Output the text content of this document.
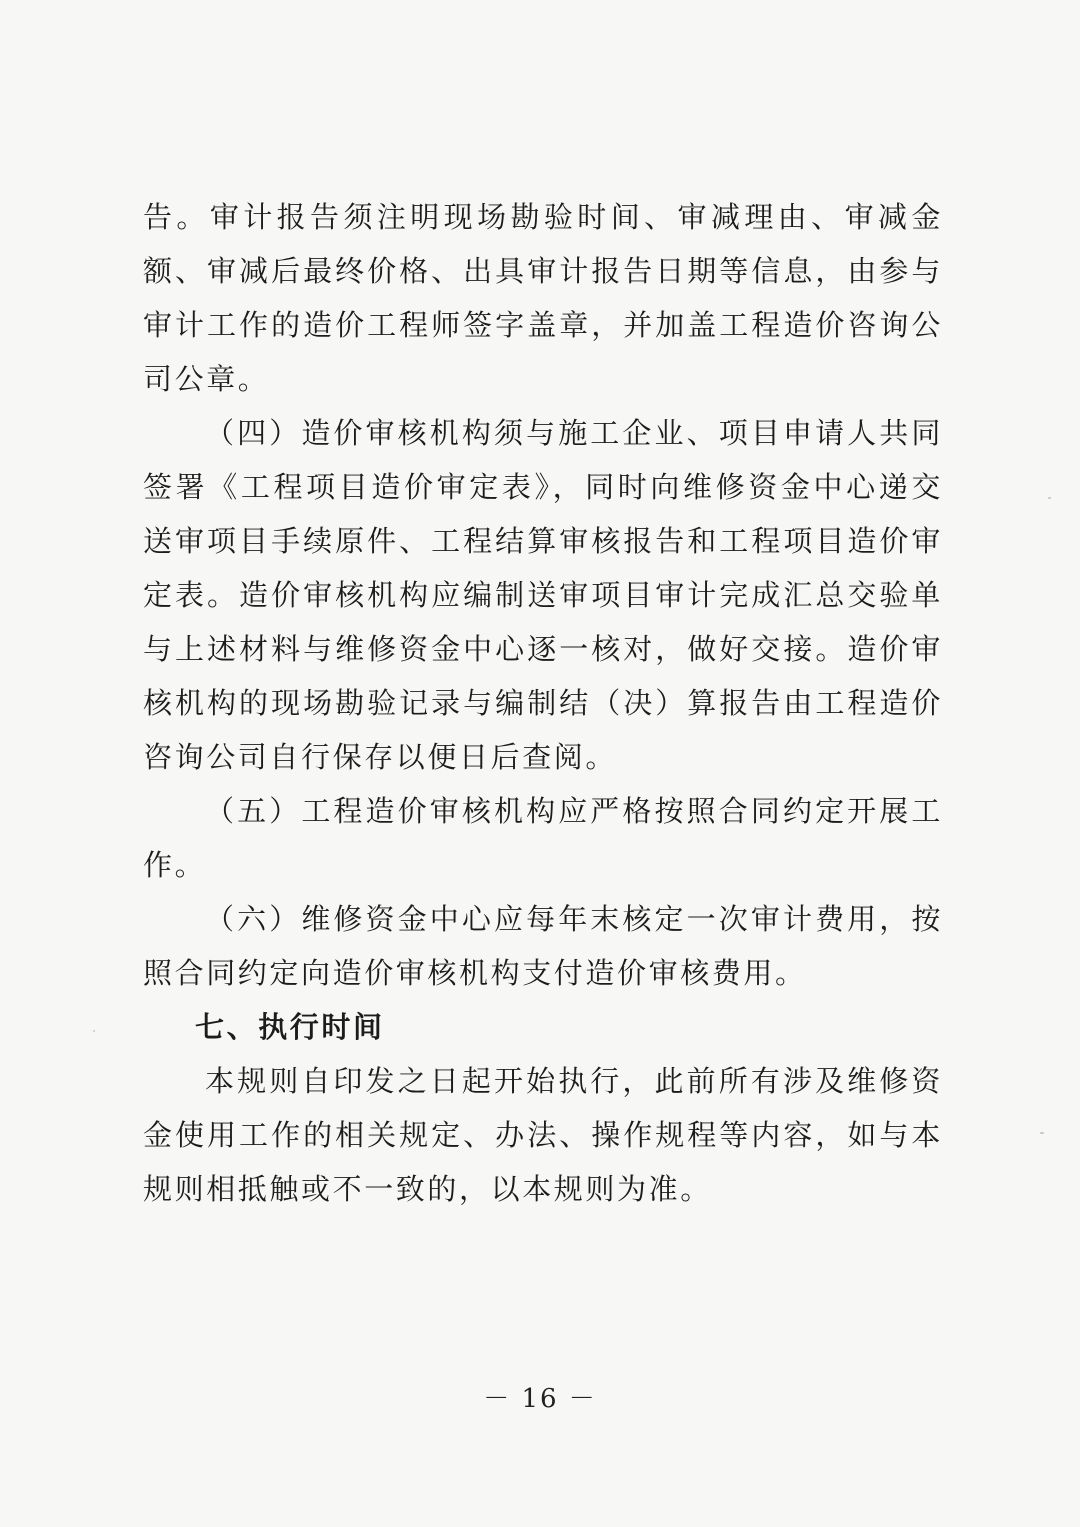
告。审计报告须注明现场勘验时间、审减理由、审减金额、审减后最终价格、出具审计报告日期等信息，由参与审计工作的造价工程师签字盖章，并加盖工程造价咨询公司公章。

（四）造价审核机构须与施工企业、项目申请人共同签署《工程项目造价审定表》，同时向维修资金中心递交送审项目手续原件、工程结算审核报告和工程项目造价审定表。造价审核机构应编制送审项目审计完成汇总交验单与上述材料与维修资金中心逐一核对，做好交接。造价审核机构的现场勘验记录与编制结（决）算报告由工程造价咨询公司自行保存以便日后查阅。

（五）工程造价审核机构应严格按照合同约定开展工作。

（六）维修资金中心应每年末核定一次审计费用，按照合同约定向造价审核机构支付造价审核费用。

七、执行时间

本规则自印发之日起开始执行，此前所有涉及维修资金使用工作的相关规定、办法、操作规程等内容，如与本规则相抵触或不一致的，以本规则为准。

－ 16 －
